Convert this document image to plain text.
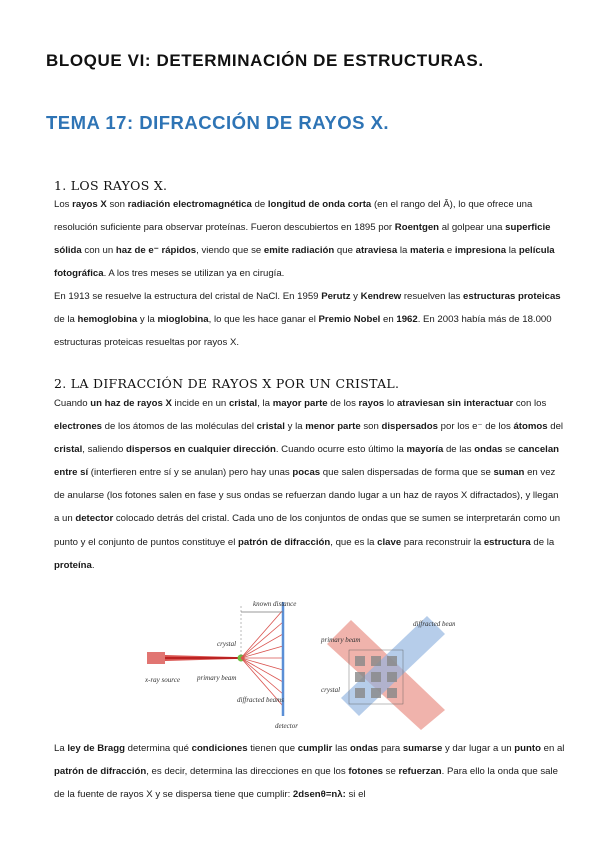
BLOQUE VI: DETERMINACIÓN DE ESTRUCTURAS.
TEMA 17: DIFRACCIÓN DE RAYOS X.
1. LOS RAYOS X.
Los rayos X son radiación electromagnética de longitud de onda corta (en el rango del Â), lo que ofrece una resolución suficiente para observar proteínas. Fueron descubiertos en 1895 por Roentgen al golpear una superficie sólida con un haz de e⁻ rápidos, viendo que se emite radiación que atraviesa la materia e impresiona la película fotográfica. A los tres meses se utilizan ya en cirugía.
En 1913 se resuelve la estructura del cristal de NaCl. En 1959 Perutz y Kendrew resuelven las estructuras proteicas de la hemoglobina y la mioglobina, lo que les hace ganar el Premio Nobel en 1962. En 2003 había más de 18.000 estructuras proteicas resueltas por rayos X.
2. LA DIFRACCIÓN DE RAYOS X POR UN CRISTAL.
Cuando un haz de rayos X incide en un cristal, la mayor parte de los rayos lo atraviesan sin interactuar con los electrones de los átomos de las moléculas del cristal y la menor parte son dispersados por los e⁻ de los átomos del cristal, saliendo dispersos en cualquier dirección. Cuando ocurre esto último la mayoría de las ondas se cancelan entre sí (interfieren entre sí y se anulan) pero hay unas pocas que salen dispersadas de forma que se suman en vez de anularse (los fotones salen en fase y sus ondas se refuerzan dando lugar a un haz de rayos X difractados), y llegan a un detector colocado detrás del cristal. Cada uno de los conjuntos de ondas que se sumen se interpretarán como un punto y el conjunto de puntos constituye el patrón de difracción, que es la clave para reconstruir la estructura de la proteína.
known distance
crystal
x-ray source primary beam
diffracted beams
detector
diffracted beam
primary beam
crystal
La ley de Bragg determina qué condiciones tienen que cumplir las ondas para sumarse y dar lugar a un punto en al patrón de difracción, es decir, determina las direcciones en que los fotones se refuerzan. Para ello la onda que sale de la fuente de rayos X y se dispersa tiene que cumplir: 2dsenθ=nλ: si el
